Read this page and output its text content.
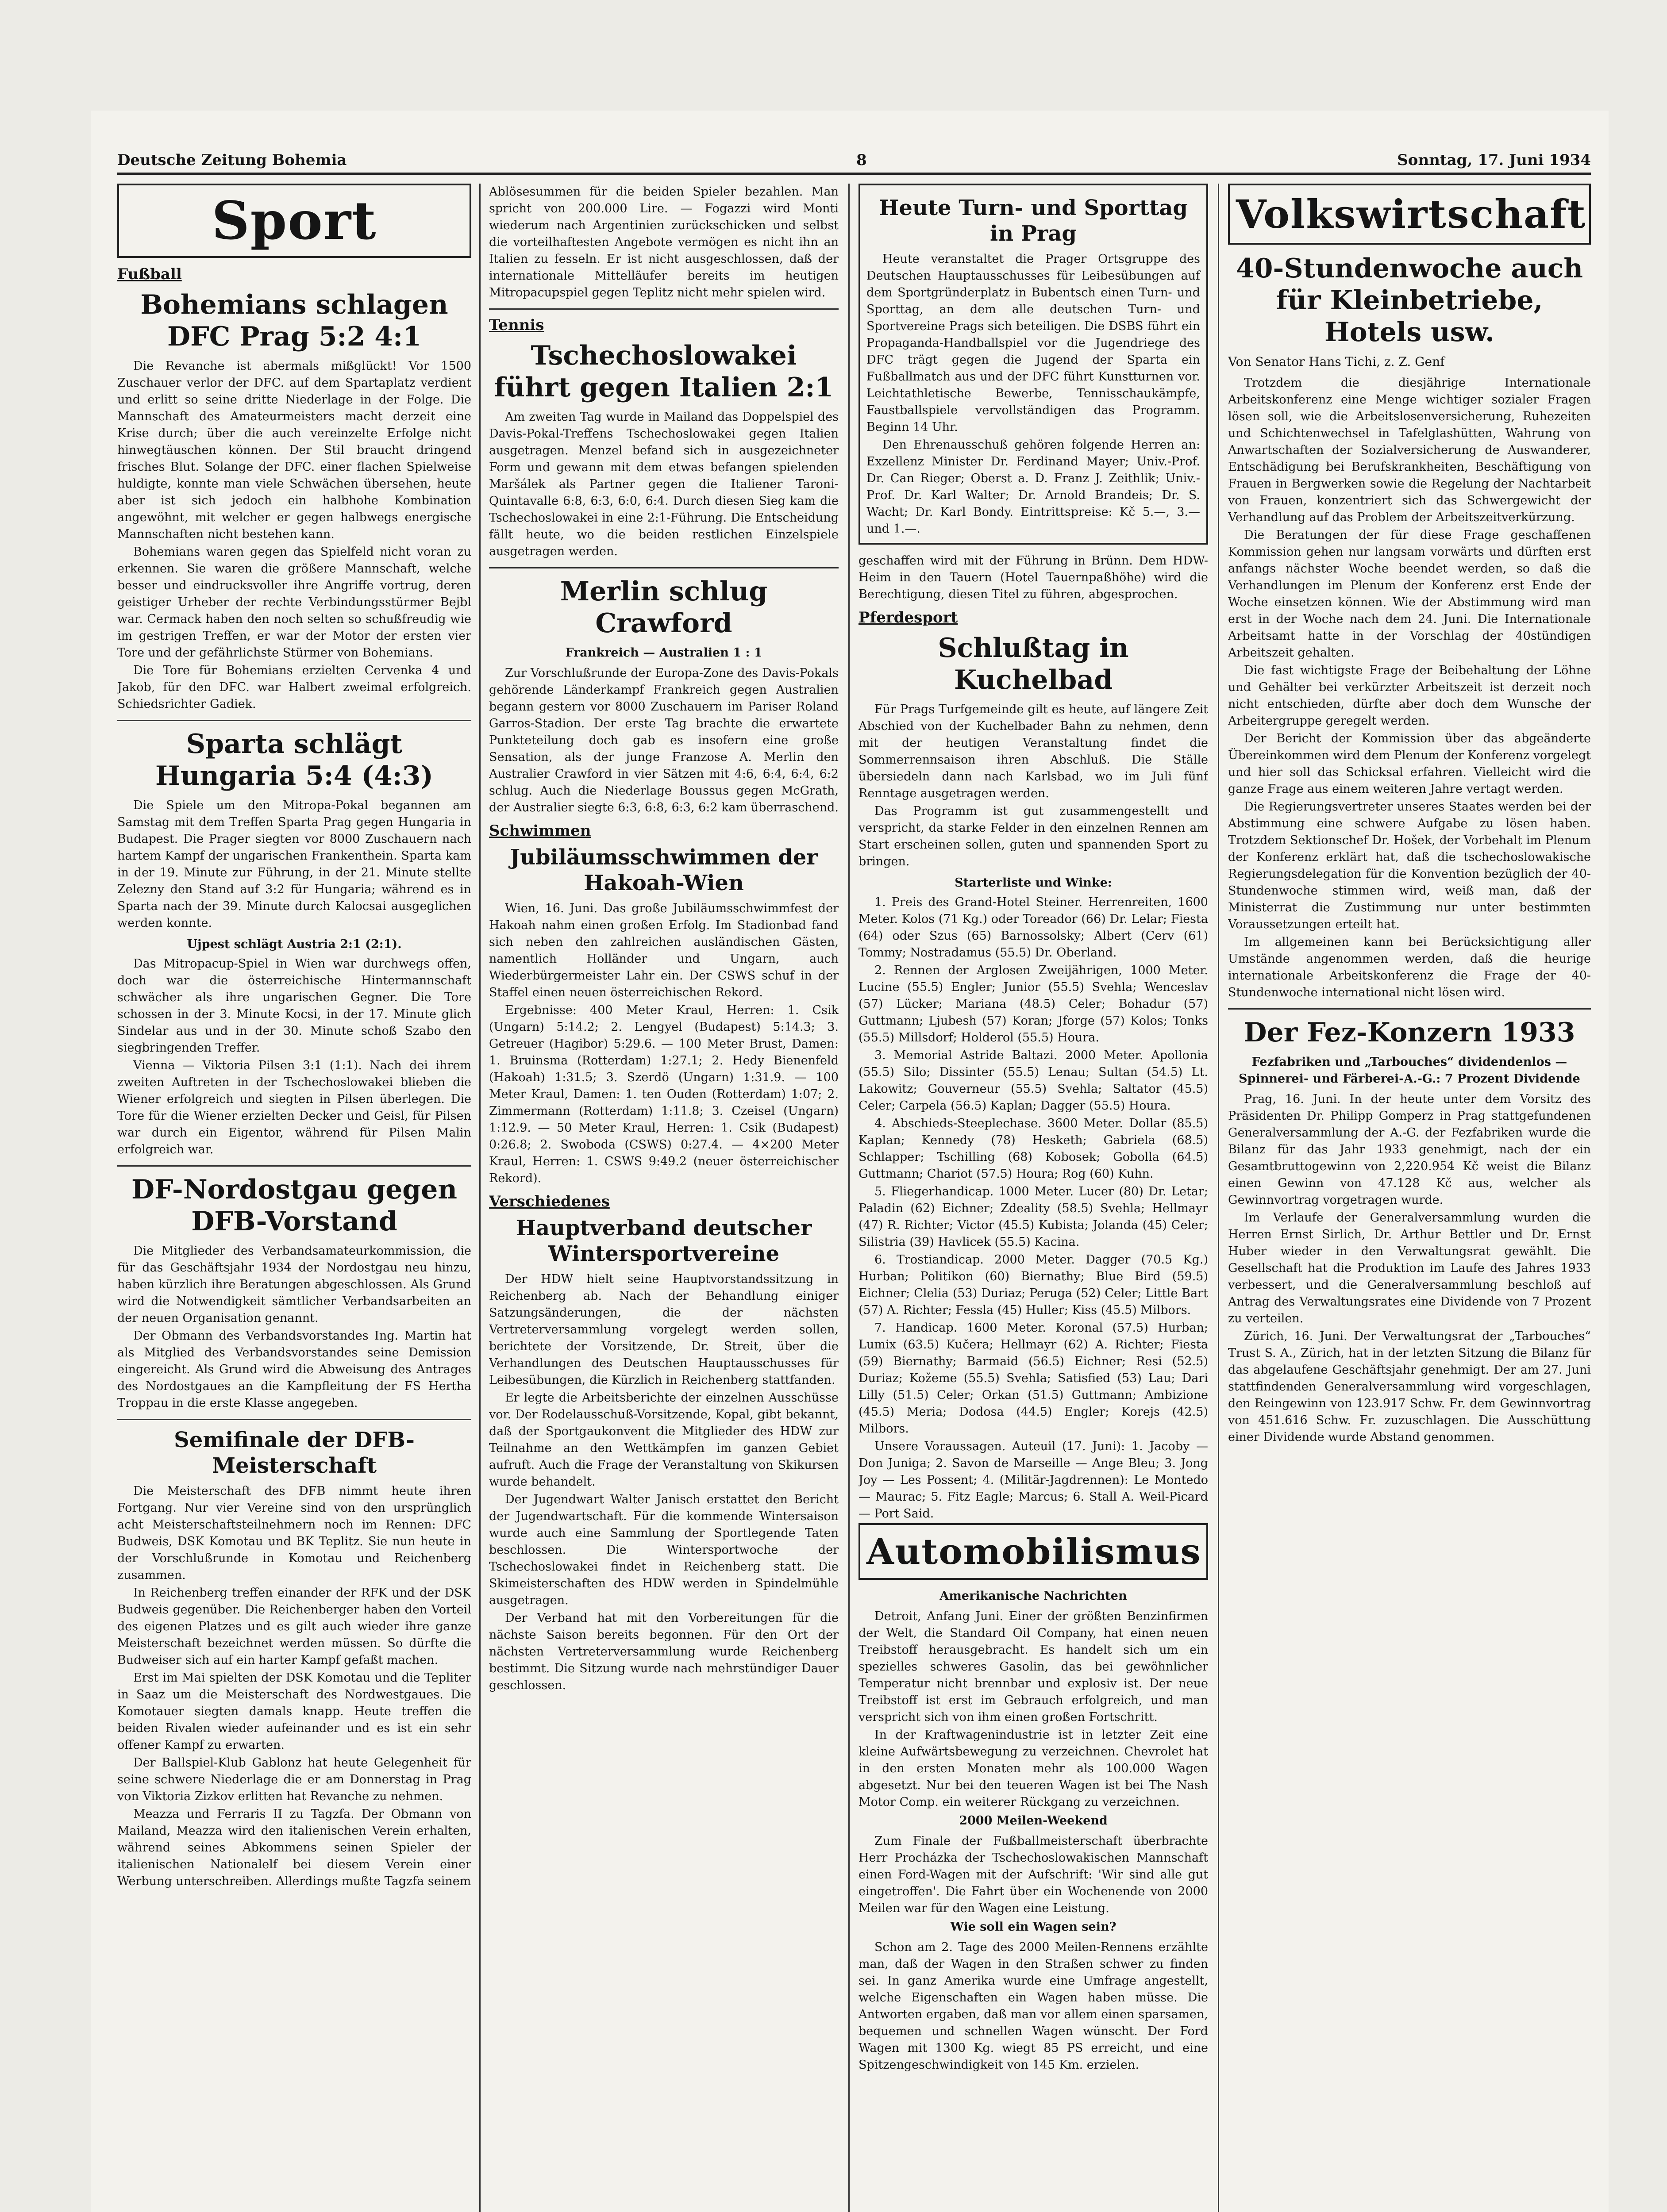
Deutsche Zeitung Bohemia	8	Sonntag, 17. Juni 1934
Sport
Fußball
Bohemians schlagen DFC Prag 5:2 4:1

Die Revanche ist abermals mißglückt! Vor 1500 Zuschauer verlor der DFC. auf dem Spartaplatz verdient und erlitt so seine dritte Niederlage in der Folge. Die Mannschaft des Amateurmeisters macht derzeit eine Krise durch; über die auch vereinzelte Erfolge nicht hinwegtäuschen können. Der Stil braucht dringend frisches Blut. Solange der DFC. einer flachen Spielweise huldigte, konnte man viele Schwächen übersehen, heute aber ist sich jedoch ein halbhohe Kombination angewöhnt, mit welcher er gegen halbwegs energische Mannschaften nicht bestehen kann.

Bohemians waren gegen das Spielfeld nicht voran zu erkennen. Sie waren die größere Mannschaft, welche besser und eindrucksvoller ihre Angriffe vortrug, deren geistiger Urheber der rechte Verbindungsstürmer Bejbl war. Cermack haben den noch selten so schußfreudig wie im gestrigen Treffen, er war der Motor der ersten vier Tore und der gefährlichste Stürmer von Bohemians.

Die Tore für Bohemians erzielten Cervenka 4 und Jakob, für den DFC. war Halbert zweimal erfolgreich. Schiedsrichter Gadiek.

Sparta schlägt Hungaria 5:4 (4:3)

Die Spiele um den Mitropa-Pokal begannen am Samstag mit dem Treffen Sparta Prag gegen Hungaria in Budapest. Die Prager siegten vor 8000 Zuschauern nach hartem Kampf der ungarischen Frankenthein. Sparta kam in der 19. Minute zur Führung, in der 21. Minute stellte Zelezny den Stand auf 3:2 für Hungaria; während es in Sparta nach der 39. Minute durch Kalocsai ausgeglichen werden konnte.

Ujpest schlägt Austria 2:1 (2:1).

Das Mitropacup-Spiel in Wien war durchwegs offen, doch war die österreichische Hintermannschaft schwächer als ihre ungarischen Gegner. Die Tore schossen in der 3. Minute Kocsi, in der 17. Minute glich Sindelar aus und in der 30. Minute schoß Szabo den siegbringenden Treffer.

Vienna — Viktoria Pilsen 3:1 (1:1). Nach dei ihrem zweiten Auftreten in der Tschechoslowakei blieben die Wiener erfolgreich und siegten in Pilsen überlegen. Die Tore für die Wiener erzielten Decker und Geisl, für Pilsen war durch ein Eigentor, während für Pilsen Malin erfolgreich war.

DF-Nordostgau gegen DFB-Vorstand

Die Mitglieder des Verbandsamateurkommission, die für das Geschäftsjahr 1934 der Nordostgau neu hinzu, haben kürzlich ihre Beratungen abgeschlossen. Als Grund wird die Notwendigkeit sämtlicher Verbandsarbeiten an der neuen Organisation genannt.

Der Obmann des Verbandsvorstandes Ing. Martin hat als Mitglied des Verbandsvorstandes seine Demission eingereicht. Als Grund wird die Abweisung des Antrages des Nordostgaues an die Kampfleitung der FS Hertha Troppau in die erste Klasse angegeben.

Semifinale der DFB-Meisterschaft

Die Meisterschaft des DFB nimmt heute ihren Fortgang. Nur vier Vereine sind von den ursprünglich acht Meisterschaftsteilnehmern noch im Rennen: DFC Budweis, DSK Komotau und BK Teplitz. Sie nun heute in der Vorschlußrunde in Komotau und Reichenberg zusammen.

In Reichenberg treffen einander der RFK und der DSK Budweis gegenüber. Die Reichenberger haben den Vorteil des eigenen Platzes und es gilt auch wieder ihre ganze Meisterschaft bezeichnet werden müssen. So dürfte die Budweiser sich auf ein harter Kampf gefaßt machen.

Erst im Mai spielten der DSK Komotau und die Tepliter in Saaz um die Meisterschaft des Nordwestgaues. Die Komotauer siegten damals knapp. Heute treffen die beiden Rivalen wieder aufeinander und es ist ein sehr offener Kampf zu erwarten.

Der Ballspiel-Klub Gablonz hat heute Gelegenheit für seine schwere Niederlage die er am Donnerstag in Prag von Viktoria Zizkov erlitten hat Revanche zu nehmen.

Meazza und Ferraris II zu Tagzfa. Der Obmann von Mailand, Meazza wird den italienischen Verein erhalten, während seines Abkommens seinen Spieler der italienischen Nationalelf bei diesem Verein einer Werbung unterschreiben. Allerdings mußte Tagzfa seinem

Ablösesummen für die beiden Spieler bezahlen. Man spricht von 200.000 Lire. — Fogazzi wird Monti wiederum nach Argentinien zurückschicken und selbst die vorteilhaftesten Angebote vermögen es nicht ihn an Italien zu fesseln. Er ist nicht ausgeschlossen, daß der internationale Mittelläufer bereits im heutigen Mitropacupspiel gegen Teplitz nicht mehr spielen wird.

Tennis
Tschechoslowakei führt gegen Italien 2:1

Am zweiten Tag wurde in Mailand das Doppelspiel des Davis-Pokal-Treffens Tschechoslowakei gegen Italien ausgetragen. Menzel befand sich in ausgezeichneter Form und gewann mit dem etwas befangen spielenden Maršálek als Partner gegen die Italiener Taroni-Quintavalle 6:8, 6:3, 6:0, 6:4. Durch diesen Sieg kam die Tschechoslowakei in eine 2:1-Führung. Die Entscheidung fällt heute, wo die beiden restlichen Einzelspiele ausgetragen werden.

Merlin schlug Crawford
Frankreich — Australien 1 : 1

Zur Vorschlußrunde der Europa-Zone des Davis-Pokals gehörende Länderkampf Frankreich gegen Australien begann gestern vor 8000 Zuschauern im Pariser Roland Garros-Stadion. Der erste Tag brachte die erwartete Punkteteilung doch gab es insofern eine große Sensation, als der junge Franzose A. Merlin den Australier Crawford in vier Sätzen mit 4:6, 6:4, 6:4, 6:2 schlug. Auch die Niederlage Boussus gegen McGrath, der Australier siegte 6:3, 6:8, 6:3, 6:2 kam überraschend.

Schwimmen
Jubiläumsschwimmen der Hakoah-Wien

Wien, 16. Juni. Das große Jubiläumsschwimmfest der Hakoah nahm einen großen Erfolg. Im Stadionbad fand sich neben den zahlreichen ausländischen Gästen, namentlich Holländer und Ungarn, auch Wiederbürgermeister Lahr ein. Der CSWS schuf in der Staffel einen neuen österreichischen Rekord.

Ergebnisse: 400 Meter Kraul, Herren: 1. Csik (Ungarn) 5:14.2; 2. Lengyel (Budapest) 5:14.3; 3. Getreuer (Hagibor) 5:29.6. — 100 Meter Brust, Damen: 1. Bruinsma (Rotterdam) 1:27.1; 2. Hedy Bienenfeld (Hakoah) 1:31.5; 3. Szerdö (Ungarn) 1:31.9. — 100 Meter Kraul, Damen: 1. ten Ouden (Rotterdam) 1:07; 2. Zimmermann (Rotterdam) 1:11.8; 3. Czeisel (Ungarn) 1:12.9. — 50 Meter Kraul, Herren: 1. Csik (Budapest) 0:26.8; 2. Swoboda (CSWS) 0:27.4. — 4×200 Meter Kraul, Herren: 1. CSWS 9:49.2 (neuer österreichischer Rekord).

Verschiedenes
Hauptverband deutscher Wintersportvereine

Der HDW hielt seine Hauptvorstandssitzung in Reichenberg ab. Nach der Behandlung einiger Satzungsänderungen, die der nächsten Vertreterversammlung vorgelegt werden sollen, berichtete der Vorsitzende, Dr. Streit, über die Verhandlungen des Deutschen Hauptausschusses für Leibesübungen, die Kürzlich in Reichenberg stattfanden.

Er legte die Arbeitsberichte der einzelnen Ausschüsse vor. Der Rodelausschuß-Vorsitzende, Kopal, gibt bekannt, daß der Sportgaukonvent die Mitglieder des HDW zur Teilnahme an den Wettkämpfen im ganzen Gebiet aufruft. Auch die Frage der Veranstaltung von Skikursen wurde behandelt.

Der Jugendwart Walter Janisch erstattet den Bericht der Jugendwartschaft. Für die kommende Wintersaison wurde auch eine Sammlung der Sportlegende Taten beschlossen. Die Wintersportwoche der Tschechoslowakei findet in Reichenberg statt. Die Skimeisterschaften des HDW werden in Spindelmühle ausgetragen.

Der Verband hat mit den Vorbereitungen für die nächste Saison bereits begonnen. Für den Ort der nächsten Vertreterversammlung wurde Reichenberg bestimmt. Die Sitzung wurde nach mehrstündiger Dauer geschlossen.

Heute Turn- und Sporttag in Prag

Heute veranstaltet die Prager Ortsgruppe des Deutschen Hauptausschusses für Leibesübungen auf dem Sportgründerplatz in Bubentsch einen Turn- und Sporttag, an dem alle deutschen Turn- und Sportvereine Prags sich beteiligen. Die DSBS führt ein Propaganda-Handballspiel vor die Jugendriege des DFC trägt gegen die Jugend der Sparta ein Fußballmatch aus und der DFC führt Kunstturnen vor. Leichtathletische Bewerbe, Tennisschaukämpfe, Faustballspiele vervollständigen das Programm. Beginn 14 Uhr.

Den Ehrenausschuß gehören folgende Herren an: Exzellenz Minister Dr. Ferdinand Mayer; Univ.-Prof. Dr. Can Rieger; Oberst a. D. Franz J. Zeithlik; Univ.-Prof. Dr. Karl Walter; Dr. Arnold Brandeis; Dr. S. Wacht; Dr. Karl Bondy. Eintrittspreise: Kč 5.—, 3.— und 1.—.

geschaffen wird mit der Führung in Brünn. Dem HDW-Heim in den Tauern (Hotel Tauernpaßhöhe) wird die Berechtigung, diesen Titel zu führen, abgesprochen.

Pferdesport
Schlußtag in Kuchelbad

Für Prags Turfgemeinde gilt es heute, auf längere Zeit Abschied von der Kuchelbader Bahn zu nehmen, denn mit der heutigen Veranstaltung findet die Sommerrennsaison ihren Abschluß. Die Ställe übersiedeln dann nach Karlsbad, wo im Juli fünf Renntage ausgetragen werden.

Das Programm ist gut zusammengestellt und verspricht, da starke Felder in den einzelnen Rennen am Start erscheinen sollen, guten und spannenden Sport zu bringen.

Starterliste und Winke:

1. Preis des Grand-Hotel Steiner. Herrenreiten, 1600 Meter. Kolos (71 Kg.) oder Toreador (66) Dr. Lelar; Fiesta (64) oder Szus (65) Barnossolsky; Albert (Cerv (61) Tommy; Nostradamus (55.5) Dr. Oberland.

2. Rennen der Arglosen Zweijährigen, 1000 Meter. Lucine (55.5) Engler; Junior (55.5) Svehla; Wenceslav (57) Lücker; Mariana (48.5) Celer; Bohadur (57) Guttmann; Ljubesh (57) Koran; Jforge (57) Kolos; Tonks (55.5) Millsdorf; Holderol (55.5) Houra.

3. Memorial Astride Baltazi. 2000 Meter. Apollonia (55.5) Silo; Dissinter (55.5) Lenau; Sultan (54.5) Lt. Lakowitz; Gouverneur (55.5) Svehla; Saltator (45.5) Celer; Carpela (56.5) Kaplan; Dagger (55.5) Houra.

4. Abschieds-Steeplechase. 3600 Meter. Dollar (85.5) Kaplan; Kennedy (78) Hesketh; Gabriela (68.5) Schlapper; Tschilling (68) Kobosek; Gobolla (64.5) Guttmann; Chariot (57.5) Houra; Rog (60) Kuhn.

5. Fliegerhandicap. 1000 Meter. Lucer (80) Dr. Letar; Paladin (62) Eichner; Zdeality (58.5) Svehla; Hellmayr (47) R. Richter; Victor (45.5) Kubista; Jolanda (45) Celer; Silistria (39) Havlicek (55.5) Kacina.

6. Trostiandicap. 2000 Meter. Dagger (70.5 Kg.) Hurban; Politikon (60) Biernathy; Blue Bird (59.5) Eichner; Clelia (53) Duriaz; Peruga (52) Celer; Little Bart (57) A. Richter; Fessla (45) Huller; Kiss (45.5) Milbors.

7. Handicap. 1600 Meter. Koronal (57.5) Hurban; Lumix (63.5) Kučera; Hellmayr (62) A. Richter; Fiesta (59) Biernathy; Barmaid (56.5) Eichner; Resi (52.5) Duriaz; Kožeme (55.5) Svehla; Satisfied (53) Lau; Dari Lilly (51.5) Celer; Orkan (51.5) Guttmann; Ambizione (45.5) Meria; Dodosa (44.5) Engler; Korejs (42.5) Milbors.

Unsere Voraussagen. Auteuil (17. Juni): 1. Jacoby — Don Juniga; 2. Savon de Marseille — Ange Bleu; 3. Jong Joy — Les Possent; 4. (Militär-Jagdrennen): Le Montedo — Maurac; 5. Fitz Eagle; Marcus; 6. Stall A. Weil-Picard — Port Said.

Automobilismus
Amerikanische Nachrichten

Detroit, Anfang Juni. Einer der größten Benzinfirmen der Welt, die Standard Oil Company, hat einen neuen Treibstoff herausgebracht. Es handelt sich um ein spezielles schweres Gasolin, das bei gewöhnlicher Temperatur nicht brennbar und explosiv ist. Der neue Treibstoff ist erst im Gebrauch erfolgreich, und man verspricht sich von ihm einen großen Fortschritt.

In der Kraftwagenindustrie ist in letzter Zeit eine kleine Aufwärtsbewegung zu verzeichnen. Chevrolet hat in den ersten Monaten mehr als 100.000 Wagen abgesetzt. Nur bei den teueren Wagen ist bei The Nash Motor Comp. ein weiterer Rückgang zu verzeichnen.

2000 Meilen-Weekend

Zum Finale der Fußballmeisterschaft überbrachte Herr Procházka der Tschechoslowakischen Mannschaft einen Ford-Wagen mit der Aufschrift: 'Wir sind alle gut eingetroffen'. Die Fahrt über ein Wochenende von 2000 Meilen war für den Wagen eine Leistung.

Wie soll ein Wagen sein?

Schon am 2. Tage des 2000 Meilen-Rennens erzählte man, daß der Wagen in den Straßen schwer zu finden sei. In ganz Amerika wurde eine Umfrage angestellt, welche Eigenschaften ein Wagen haben müsse. Die Antworten ergaben, daß man vor allem einen sparsamen, bequemen und schnellen Wagen wünscht. Der Ford Wagen mit 1300 Kg. wiegt 85 PS erreicht, und eine Spitzengeschwindigkeit von 145 Km. erzielen.

Volkswirtschaft
40-Stundenwoche auch für Kleinbetriebe, Hotels usw.

Von Senator Hans Tichi, z. Z. Genf

Trotzdem die diesjährige Internationale Arbeitskonferenz eine Menge wichtiger sozialer Fragen lösen soll, wie die Arbeitslosenversicherung, Ruhezeiten und Schichtenwechsel in Tafelglashütten, Wahrung von Anwartschaften der Sozialversicherung de Auswanderer, Entschädigung bei Berufskrankheiten, Beschäftigung von Frauen in Bergwerken sowie die Regelung der Nachtarbeit von Frauen, konzentriert sich das Schwergewicht der Verhandlung auf das Problem der Arbeitszeitverkürzung.

Die Beratungen der für diese Frage geschaffenen Kommission gehen nur langsam vorwärts und dürften erst anfangs nächster Woche beendet werden, so daß die Verhandlungen im Plenum der Konferenz erst Ende der Woche einsetzen können. Wie der Abstimmung wird man erst in der Woche nach dem 24. Juni. Die Internationale Arbeitsamt hatte in der Vorschlag der 40stündigen Arbeitszeit gehalten.

Die fast wichtigste Frage der Beibehaltung der Löhne und Gehälter bei verkürzter Arbeitszeit ist derzeit noch nicht entschieden, dürfte aber doch dem Wunsche der Arbeitergruppe geregelt werden.

Der Bericht der Kommission über das abgeänderte Übereinkommen wird dem Plenum der Konferenz vorgelegt und hier soll das Schicksal erfahren. Vielleicht wird die ganze Frage aus einem weiteren Jahre vertagt werden.

Die Regierungsvertreter unseres Staates werden bei der Abstimmung eine schwere Aufgabe zu lösen haben. Trotzdem Sektionschef Dr. Hošek, der Vorbehalt im Plenum der Konferenz erklärt hat, daß die tschechoslowakische Regierungsdelegation für die Konvention bezüglich der 40-Stundenwoche stimmen wird, weiß man, daß der Ministerrat die Zustimmung nur unter bestimmten Voraussetzungen erteilt hat.

Im allgemeinen kann bei Berücksichtigung aller Umstände angenommen werden, daß die heurige internationale Arbeitskonferenz die Frage der 40-Stundenwoche international nicht lösen wird.

Der Fez-Konzern 1933
Fezfabriken und „Tarbouches“ dividendenlos — Spinnerei- und Färberei-A.-G.: 7 Prozent Dividende

Prag, 16. Juni. In der heute unter dem Vorsitz des Präsidenten Dr. Philipp Gomperz in Prag stattgefundenen Generalversammlung der A.-G. der Fezfabriken wurde die Bilanz für das Jahr 1933 genehmigt, nach der ein Gesamtbruttogewinn von 2,220.954 Kč weist die Bilanz einen Gewinn von 47.128 Kč aus, welcher als Gewinnvortrag vorgetragen wurde.

Im Verlaufe der Generalversammlung wurden die Herren Ernst Sirlich, Dr. Arthur Bettler und Dr. Ernst Huber wieder in den Verwaltungsrat gewählt. Die Gesellschaft hat die Produktion im Laufe des Jahres 1933 verbessert, und die Generalversammlung beschloß auf Antrag des Verwaltungsrates eine Dividende von 7 Prozent zu verteilen.

Zürich, 16. Juni. Der Verwaltungsrat der „Tarbouches“ Trust S. A., Zürich, hat in der letzten Sitzung die Bilanz für das abgelaufene Geschäftsjahr genehmigt. Der am 27. Juni stattfindenden Generalversammlung wird vorgeschlagen, den Reingewinn von 123.917 Schw. Fr. dem Gewinnvortrag von 451.616 Schw. Fr. zuzuschlagen. Die Ausschüttung einer Dividende wurde Abstand genommen.
